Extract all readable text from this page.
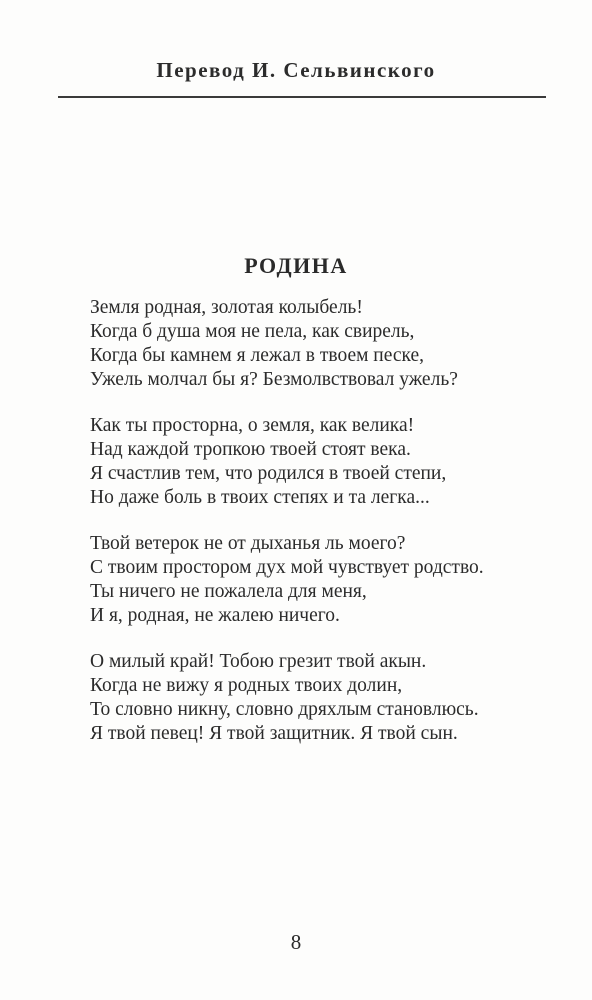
Перевод И. Сельвинского
РОДИНА
Земля родная, золотая колыбель!
Когда б душа моя не пела, как свирель,
Когда бы камнем я лежал в твоем песке,
Ужель молчал бы я? Безмолвствовал ужель?
Как ты просторна, о земля, как велика!
Над каждой тропкою твоей стоят века.
Я счастлив тем, что родился в твоей степи,
Но даже боль в твоих степях и та легка...
Твой ветерок не от дыханья ль моего?
С твоим простором дух мой чувствует родство.
Ты ничего не пожалела для меня,
И я, родная, не жалею ничего.
О милый край! Тобою грезит твой акын.
Когда не вижу я родных твоих долин,
То словно никну, словно дряхлым становлюсь.
Я твой певец! Я твой защитник. Я твой сын.
8
